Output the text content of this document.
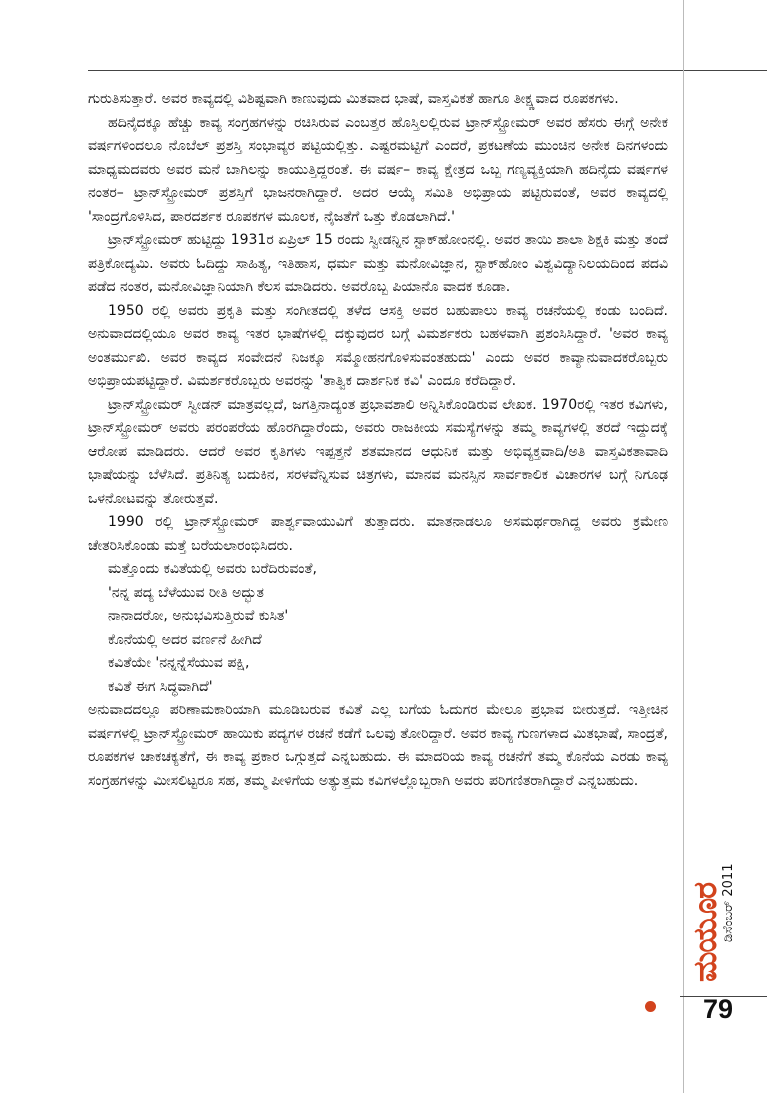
ಗುರುತಿಸುತ್ತಾರೆ. ಅವರ ಕಾವ್ಯದಲ್ಲಿ ವಿಶಿಷ್ಟವಾಗಿ ಕಾಣುವುದು ಮಿತವಾದ ಭಾಷೆ, ವಾಸ್ತವಿಕತೆ ಹಾಗೂ ತೀಕ್ಷ್ಣವಾದ ರೂಪಕಗಳು.

ಹದಿನೈದಕ್ಕೂ ಹೆಚ್ಚು ಕಾವ್ಯ ಸಂಗ್ರಹಗಳನ್ನು ರಚಿಸಿರುವ ಎಂಬತ್ತರ ಹೊಸ್ತಿಲಲ್ಲಿರುವ ಟ್ರಾನ್‌ಸ್ಟ್ರೋಮರ್ ಅವರ ಹೆಸರು ಈಗ್ಗೆ ಅನೇಕ ವರ್ಷಗಳಿಂದಲೂ ನೊಬೆಲ್ ಪ್ರಶಸ್ತಿ ಸಂಭಾವ್ಯರ ಪಟ್ಟಿಯಲ್ಲಿತ್ತು. ಎಷ್ಟರಮಟ್ಟಿಗೆ ಎಂದರೆ, ಪ್ರಕಟಣೆಯ ಮುಂಚಿನ ಅನೇಕ ದಿನಗಳಂದು ಮಾಧ್ಯಮದವರು ಅವರ ಮನೆ ಬಾಗಿಲನ್ನು ಕಾಯುತ್ತಿದ್ದರಂತೆ. ಈ ವರ್ಷ– ಕಾವ್ಯ ಕ್ಷೇತ್ರದ ಒಬ್ಬ ಗಣ್ಯವ್ಯಕ್ತಿಯಾಗಿ ಹದಿನೈದು ವರ್ಷಗಳ ನಂತರ– ಟ್ರಾನ್‌ಸ್ಟ್ರೋಮರ್ ಪ್ರಶಸ್ತಿಗೆ ಭಾಜನರಾಗಿದ್ದಾರೆ. ಅದರ ಆಯ್ಕೆ ಸಮಿತಿ ಅಭಿಪ್ರಾಯ ಪಟ್ಟಿರುವಂತೆ, ಅವರ ಕಾವ್ಯದಲ್ಲಿ 'ಸಾಂದ್ರಗೊಳಿಸಿದ, ಪಾರದರ್ಶಕ ರೂಪಕಗಳ ಮೂಲಕ, ನೈಜತೆಗೆ ಒತ್ತು ಕೊಡಲಾಗಿದೆ.'

ಟ್ರಾನ್‌ಸ್ಟ್ರೋಮರ್ ಹುಟ್ಟಿದ್ದು 1931ರ ಏಪ್ರಿಲ್ 15 ರಂದು ಸ್ವೀಡನ್ನಿನ ಸ್ಟಾಕ್‌ಹೋಂನಲ್ಲಿ. ಅವರ ತಾಯಿ ಶಾಲಾ ಶಿಕ್ಷಕಿ ಮತ್ತು ತಂದೆ ಪತ್ರಿಕೋದ್ಯಮಿ. ಅವರು ಓದಿದ್ದು ಸಾಹಿತ್ಯ, ಇತಿಹಾಸ, ಧರ್ಮ ಮತ್ತು ಮನೋವಿಜ್ಞಾನ, ಸ್ಟಾಕ್‌ಹೋಂ ವಿಶ್ವವಿದ್ಯಾನಿಲಯದಿಂದ ಪದವಿ ಪಡೆದ ನಂತರ, ಮನೋವಿಜ್ಞಾನಿಯಾಗಿ ಕೆಲಸ ಮಾಡಿದರು. ಅವರೊಬ್ಬ ಪಿಯಾನೊ ವಾದಕ ಕೂಡಾ.

1950 ರಲ್ಲಿ ಅವರು ಪ್ರಕೃತಿ ಮತ್ತು ಸಂಗೀತದಲ್ಲಿ ತಳೆದ ಆಸಕ್ತಿ ಅವರ ಬಹುಪಾಲು ಕಾವ್ಯ ರಚನೆಯಲ್ಲಿ ಕಂಡು ಬಂದಿದೆ. ಅನುವಾದದಲ್ಲಿಯೂ ಅವರ ಕಾವ್ಯ ಇತರ ಭಾಷೆಗಳಲ್ಲಿ ದಕ್ಕುವುದರ ಬಗ್ಗೆ ವಿಮರ್ಶಕರು ಬಹಳವಾಗಿ ಪ್ರಶಂಸಿಸಿದ್ದಾರೆ. 'ಅವರ ಕಾವ್ಯ ಅಂತರ್ಮುಖಿ. ಅವರ ಕಾವ್ಯದ ಸಂವೇದನೆ ನಿಜಕ್ಕೂ ಸಮ್ಮೋಹನಗೊಳಿಸುವಂತಹುದು' ಎಂದು ಅವರ ಕಾವ್ಯಾನುವಾದಕರೊಬ್ಬರು ಅಭಿಪ್ರಾಯಪಟ್ಟಿದ್ದಾರೆ. ವಿಮರ್ಶಕರೊಬ್ಬರು ಅವರನ್ನು 'ತಾತ್ವಿಕ ದಾರ್ಶನಿಕ ಕವಿ' ಎಂದೂ ಕರೆದಿದ್ದಾರೆ.

ಟ್ರಾನ್‌ಸ್ಟ್ರೋಮರ್ ಸ್ವೀಡನ್ ಮಾತ್ರವಲ್ಲದೆ, ಜಗತ್ತಿನಾದ್ಯಂತ ಪ್ರಭಾವಶಾಲಿ ಅನ್ನಿಸಿಕೊಂಡಿರುವ ಲೇಖಕ. 1970ರಲ್ಲಿ ಇತರ ಕವಿಗಳು, ಟ್ರಾನ್‌ಸ್ಟ್ರೋಮರ್ ಅವರು ಪರಂಪರೆಯ ಹೊರಗಿದ್ದಾರೆಂದು, ಅವರು ರಾಜಕೀಯ ಸಮಸ್ಯೆಗಳನ್ನು ತಮ್ಮ ಕಾವ್ಯಗಳಲ್ಲಿ ತರದೆ ಇದ್ದುದಕ್ಕೆ ಆರೋಪ ಮಾಡಿದರು. ಆದರೆ ಅವರ ಕೃತಿಗಳು ಇಪ್ಪತ್ತನೆ ಶತಮಾನದ ಆಧುನಿಕ ಮತ್ತು ಅಭಿವ್ಯಕ್ತವಾದಿ/ಅತಿ ವಾಸ್ತವಿಕತಾವಾದಿ ಭಾಷೆಯನ್ನು ಬೆಳೆಸಿದೆ. ಪ್ರತಿನಿತ್ಯ ಬದುಕಿನ, ಸರಳವೆನ್ನಿಸುವ ಚಿತ್ರಗಳು, ಮಾನವ ಮನಸ್ಸಿನ ಸಾರ್ವಕಾಲಿಕ ವಿಚಾರಗಳ ಬಗ್ಗೆ ನಿಗೂಢ ಒಳನೋಟವನ್ನು ತೋರುತ್ತವೆ.

1990 ರಲ್ಲಿ ಟ್ರಾನ್‌ಸ್ಟ್ರೋಮರ್ ಪಾರ್ಶ್ವವಾಯುವಿಗೆ ತುತ್ತಾದರು. ಮಾತನಾಡಲೂ ಅಸಮರ್ಥರಾಗಿದ್ದ ಅವರು ಕ್ರಮೇಣ ಚೇತರಿಸಿಕೊಂಡು ಮತ್ತೆ ಬರೆಯಲಾರಂಭಿಸಿದರು.

ಮತ್ತೊಂದು ಕವಿತೆಯಲ್ಲಿ ಅವರು ಬರೆದಿರುವಂತೆ,

'ನನ್ನ ಪದ್ಯ ಬೆಳೆಯುವ ರೀತಿ ಅದ್ಭುತ
ನಾನಾದರೋ, ಅನುಭವಿಸುತ್ತಿರುವೆ ಕುಸಿತ'
ಕೊನೆಯಲ್ಲಿ ಅದರ ವರ್ಣನೆ ಹೀಗಿದೆ
ಕವಿತೆಯೇ 'ನನ್ನನ್ನೆಸೆಯುವ ಪಕ್ಷಿ,
ಕವಿತೆ ಈಗ ಸಿದ್ಧವಾಗಿದೆ'

ಅನುವಾದದಲ್ಲೂ ಪರಿಣಾಮಕಾರಿಯಾಗಿ ಮೂಡಿಬರುವ ಕವಿತೆ ಎಲ್ಲ ಬಗೆಯ ಓದುಗರ ಮೇಲೂ ಪ್ರಭಾವ ಬೀರುತ್ತದೆ. ಇತ್ತೀಚಿನ ವರ್ಷಗಳಲ್ಲಿ ಟ್ರಾನ್‌ಸ್ಟ್ರೋಮರ್ ಹಾಯಿಕು ಪದ್ಯಗಳ ರಚನೆ ಕಡೆಗೆ ಒಲವು ತೋರಿದ್ದಾರೆ. ಅವರ ಕಾವ್ಯ ಗುಣಗಳಾದ ಮಿತಭಾಷೆ, ಸಾಂದ್ರತೆ, ರೂಪಕಗಳ ಚಾಕಚಕ್ಯತೆಗೆ, ಈ ಕಾವ್ಯ ಪ್ರಕಾರ ಒಗ್ಗುತ್ತದೆ ಎನ್ನಬಹುದು. ಈ ಮಾದರಿಯ ಕಾವ್ಯ ರಚನೆಗೆ ತಮ್ಮ ಕೊನೆಯ ಎರಡು ಕಾವ್ಯ ಸಂಗ್ರಹಗಳನ್ನು ಮೀಸಲಿಟ್ಟರೂ ಸಹ, ತಮ್ಮ ಪೀಳಿಗೆಯ ಅತ್ಯುತ್ತಮ ಕವಿಗಳಲ್ಲೊಬ್ಬರಾಗಿ ಅವರು ಪರಿಗಣಿತರಾಗಿದ್ದಾರೆ ಎನ್ನಬಹುದು.

ಮಯೂರ
ಡಿಸೆಂಬರ್ 2011
79
